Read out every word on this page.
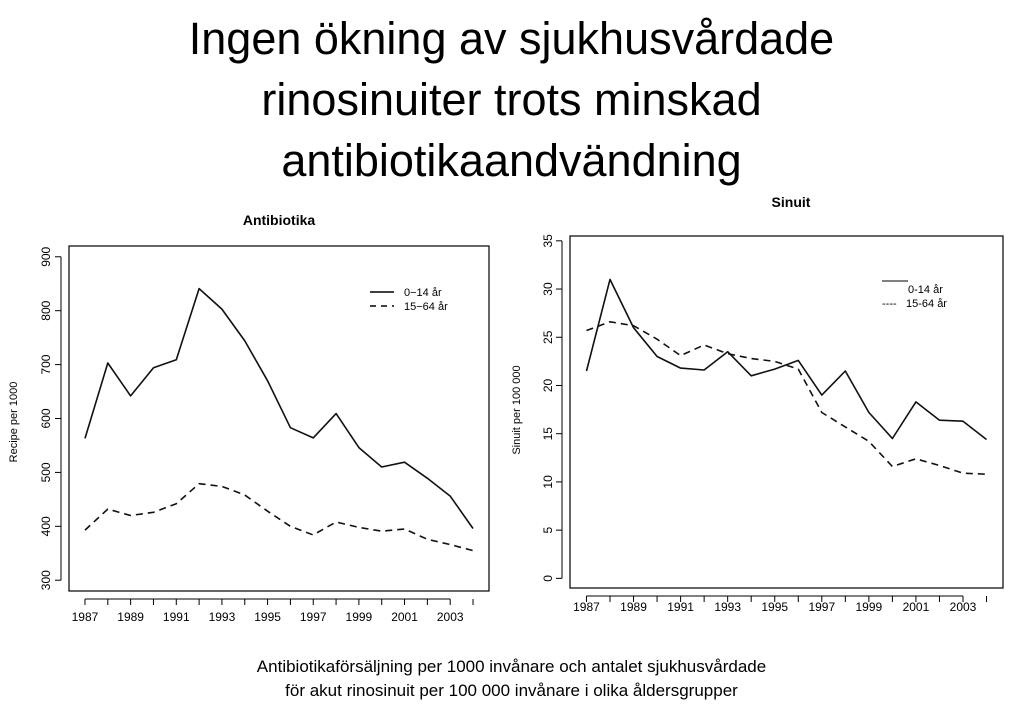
Ingen ökning av sjukhusvårdade
rinosinuiter trots minskad
antibiotikaandvändning
Antibiotika
1987 1989 1991 1993 1995 1997 1999 2001 2003
300
400
500
600
700
800
900
Recipe per 1000
0−14 år
15−64 år
Sinuit
1987 1989 1991 1993 1995 1997 1999 2001 2003
0
5
10
15
20
25
30
35
Sinuit per 100 000
0-14 år
---- 15-64 år
Antibiotikaförsäljning per 1000 invånare och antalet sjukhusvårdade
för akut rinosinuit per 100 000 invånare i olika åldersgrupper
